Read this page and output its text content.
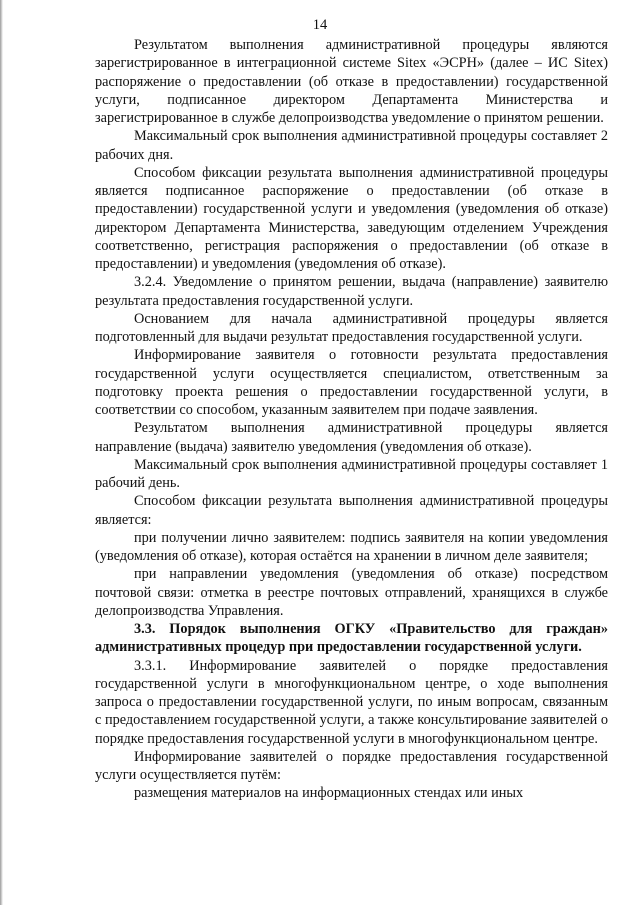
14

Результатом выполнения административной процедуры являются зарегистрированное в интеграционной системе Sitex «ЭСРН» (далее – ИС Sitex) распоряжение о предоставлении (об отказе в предоставлении) государственной услуги, подписанное директором Департамента Министерства и зарегистрированное в службе делопроизводства уведомление о принятом решении.

Максимальный срок выполнения административной процедуры составляет 2 рабочих дня.

Способом фиксации результата выполнения административной процедуры является подписанное распоряжение о предоставлении (об отказе в предоставлении) государственной услуги и уведомления (уведомления об отказе) директором Департамента Министерства, заведующим отделением Учреждения соответственно, регистрация распоряжения о предоставлении (об отказе в предоставлении) и уведомления (уведомления об отказе).

3.2.4. Уведомление о принятом решении, выдача (направление) заявителю результата предоставления государственной услуги.

Основанием для начала административной процедуры является подготовленный для выдачи результат предоставления государственной услуги.

Информирование заявителя о готовности результата предоставления государственной услуги осуществляется специалистом, ответственным за подготовку проекта решения о предоставлении государственной услуги, в соответствии со способом, указанным заявителем при подаче заявления.

Результатом выполнения административной процедуры является направление (выдача) заявителю уведомления (уведомления об отказе).

Максимальный срок выполнения административной процедуры составляет 1 рабочий день.

Способом фиксации результата выполнения административной процедуры является:

при получении лично заявителем: подпись заявителя на копии уведомления (уведомления об отказе), которая остаётся на хранении в личном деле заявителя;

при направлении уведомления (уведомления об отказе) посредством почтовой связи: отметка в реестре почтовых отправлений, хранящихся в службе делопроизводства Управления.

3.3. Порядок выполнения ОГКУ «Правительство для граждан» административных процедур при предоставлении государственной услуги.

3.3.1. Информирование заявителей о порядке предоставления государственной услуги в многофункциональном центре, о ходе выполнения запроса о предоставлении государственной услуги, по иным вопросам, связанным с предоставлением государственной услуги, а также консультирование заявителей о порядке предоставления государственной услуги в многофункциональном центре.

Информирование заявителей о порядке предоставления государственной услуги осуществляется путём:

размещения материалов на информационных стендах или иных
